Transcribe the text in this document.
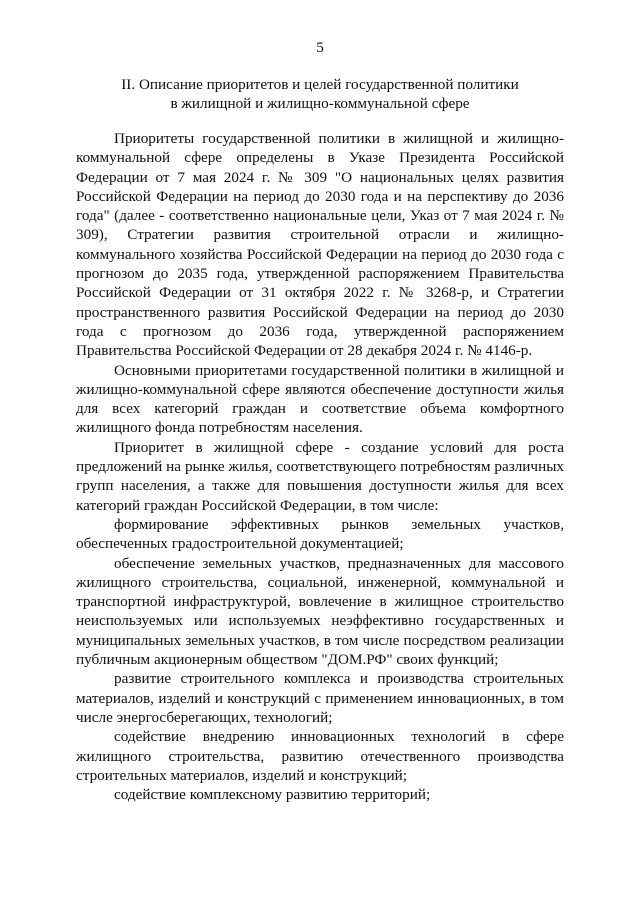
5
II. Описание приоритетов и целей государственной политики
в жилищной и жилищно-коммунальной сфере

Приоритеты государственной политики в жилищной и жилищно-коммунальной сфере определены в Указе Президента Российской Федерации от 7 мая 2024 г. № 309 "О национальных целях развития Российской Федерации на период до 2030 года и на перспективу до 2036 года" (далее - соответственно национальные цели, Указ от 7 мая 2024 г. № 309), Стратегии развития строительной отрасли и жилищно-коммунального хозяйства Российской Федерации на период до 2030 года с прогнозом до 2035 года, утвержденной распоряжением Правительства Российской Федерации от 31 октября 2022 г. № 3268-р, и Стратегии пространственного развития Российской Федерации на период до 2030 года с прогнозом до 2036 года, утвержденной распоряжением Правительства Российской Федерации от 28 декабря 2024 г. № 4146-р.

Основными приоритетами государственной политики в жилищной и жилищно-коммунальной сфере являются обеспечение доступности жилья для всех категорий граждан и соответствие объема комфортного жилищного фонда потребностям населения.

Приоритет в жилищной сфере - создание условий для роста предложений на рынке жилья, соответствующего потребностям различных групп населения, а также для повышения доступности жилья для всех категорий граждан Российской Федерации, в том числе:

формирование эффективных рынков земельных участков, обеспеченных градостроительной документацией;

обеспечение земельных участков, предназначенных для массового жилищного строительства, социальной, инженерной, коммунальной и транспортной инфраструктурой, вовлечение в жилищное строительство неиспользуемых или используемых неэффективно государственных и муниципальных земельных участков, в том числе посредством реализации публичным акционерным обществом "ДОМ.РФ" своих функций;

развитие строительного комплекса и производства строительных материалов, изделий и конструкций с применением инновационных, в том числе энергосберегающих, технологий;

содействие внедрению инновационных технологий в сфере жилищного строительства, развитию отечественного производства строительных материалов, изделий и конструкций;

содействие комплексному развитию территорий;
